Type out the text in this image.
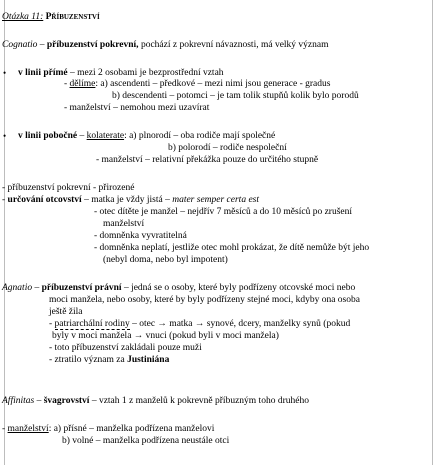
Otázka 11: Příbuzenství
Cognatio – příbuzenství pokrevní, pochází z pokrevní návaznosti, má velký význam
• v linii přímé – mezi 2 osobami je bezprostřední vztah
- dělíme: a) ascendenti – předkové – mezi nimi jsou generace - gradus
b) descendenti – potomci – je tam tolik stupňů kolik bylo porodů
- manželství – nemohou mezi uzavírat
• v linii pobočné – kolaterate: a) plnorodí – oba rodiče mají společné
b) polorodí – rodiče nespoleční
- manželství – relativní překážka pouze do určitého stupně
- příbuzenství pokrevní - přirozené
- určování otcovství – matka je vždy jistá – mater semper certa est
- otec dítěte je manžel – nejdřív 7 měsíců a do 10 měsíců po zrušení
manželství
- domněnka vyvratitelná
- domněnka neplatí, jestliže otec mohl prokázat, že dítě nemůže být jeho
(nebyl doma, nebo byl impotent)
Agnatio – příbuzenství právní – jedná se o osoby, které byly podřízeny otcovské moci nebo
moci manžela, nebo osoby, které by byly podřízeny stejné moci, kdyby ona osoba
ještě žila
- patriarchální rodiny – otec → matka → synové, dcery, manželky synů (pokud
byly v moci manžela → vnuci (pokud byli v moci manžela)
- toto příbuzenství zakládali pouze muži
- ztratilo význam za Justiniána
Affinitas – švagrovství – vztah 1 z manželů k pokrevně příbuzným toho druhého
- manželství: a) přísné – manželka podřízena manželovi
b) volné – manželka podřízena neustále otci
